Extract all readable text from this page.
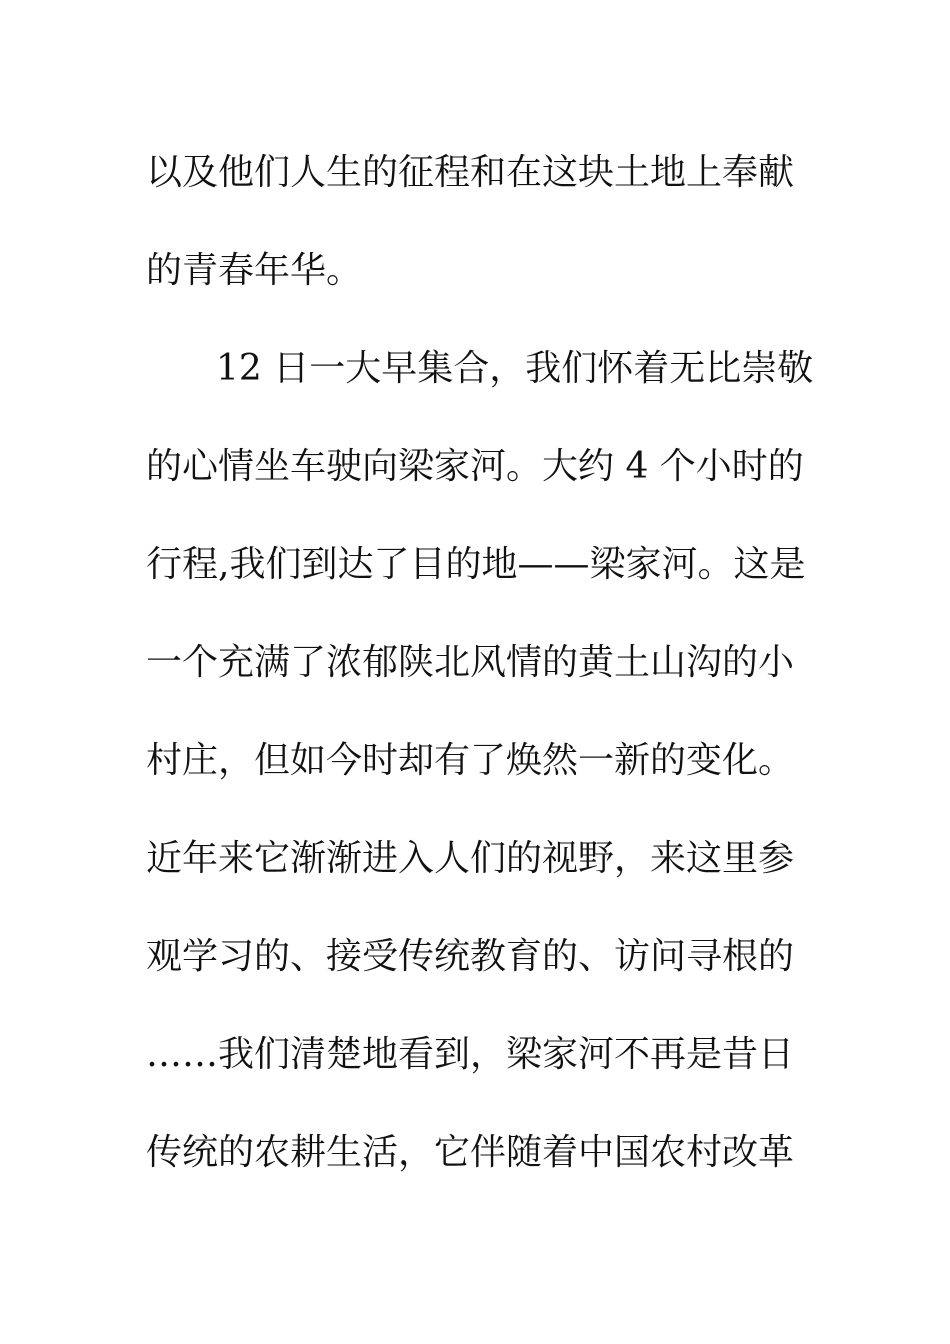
以及他们人生的征程和在这块土地上奉献
的青春年华。
12 日一大早集合，我们怀着无比崇敬
的心情坐车驶向梁家河。大约 4 个小时的
行程,我们到达了目的地——梁家河。这是
一个充满了浓郁陕北风情的黄土山沟的小
村庄，但如今时却有了焕然一新的变化。
近年来它渐渐进入人们的视野，来这里参
观学习的、接受传统教育的、访问寻根的
……我们清楚地看到，梁家河不再是昔日
传统的农耕生活，它伴随着中国农村改革
